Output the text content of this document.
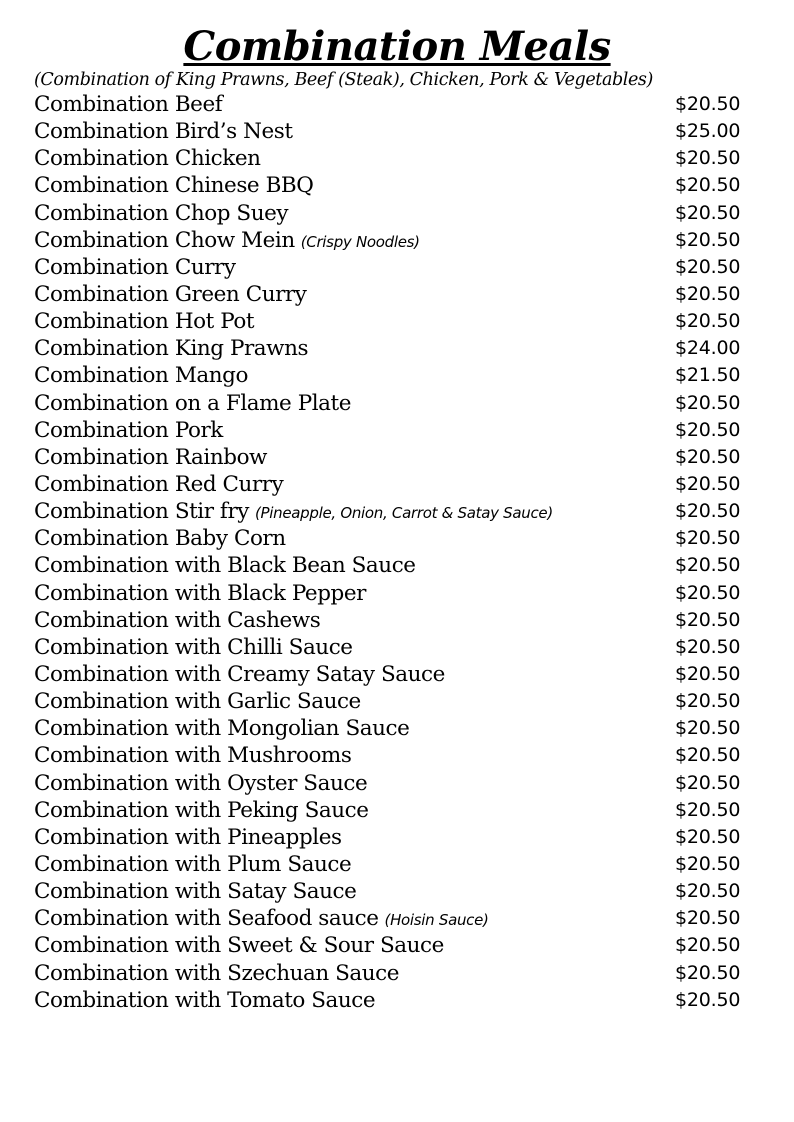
Combination Meals
(Combination of King Prawns, Beef (Steak), Chicken, Pork & Vegetables)
Combination Beef	$20.50
Combination Bird’s Nest	$25.00
Combination Chicken	$20.50
Combination Chinese BBQ	$20.50
Combination Chop Suey	$20.50
Combination Chow Mein (Crispy Noodles)	$20.50
Combination Curry	$20.50
Combination Green Curry	$20.50
Combination Hot Pot	$20.50
Combination King Prawns	$24.00
Combination Mango	$21.50
Combination on a Flame Plate	$20.50
Combination Pork	$20.50
Combination Rainbow	$20.50
Combination Red Curry	$20.50
Combination Stir fry (Pineapple, Onion, Carrot & Satay Sauce)	$20.50
Combination Baby Corn	$20.50
Combination with Black Bean Sauce	$20.50
Combination with Black Pepper	$20.50
Combination with Cashews	$20.50
Combination with Chilli Sauce	$20.50
Combination with Creamy Satay Sauce	$20.50
Combination with Garlic Sauce	$20.50
Combination with Mongolian Sauce	$20.50
Combination with Mushrooms	$20.50
Combination with Oyster Sauce	$20.50
Combination with Peking Sauce	$20.50
Combination with Pineapples	$20.50
Combination with Plum Sauce	$20.50
Combination with Satay Sauce	$20.50
Combination with Seafood sauce (Hoisin Sauce)	$20.50
Combination with Sweet & Sour Sauce	$20.50
Combination with Szechuan Sauce	$20.50
Combination with Tomato Sauce	$20.50
